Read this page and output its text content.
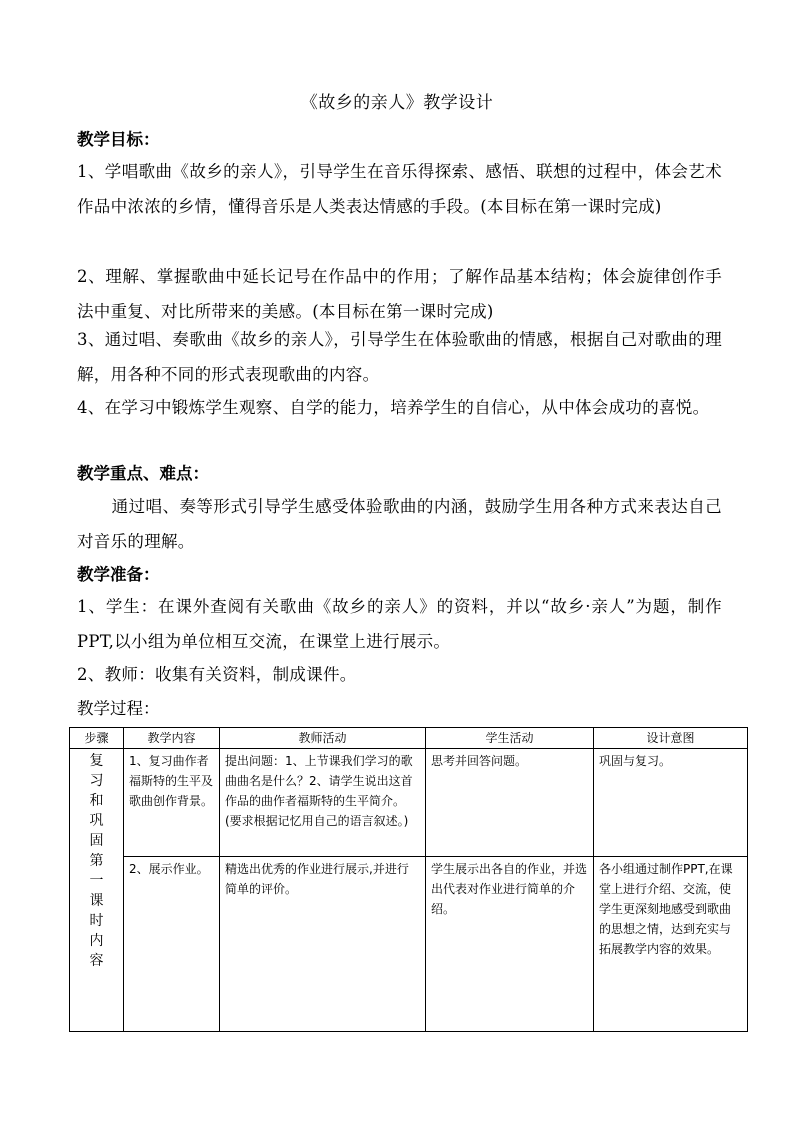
《故乡的亲人》教学设计
教学目标：
1、学唱歌曲《故乡的亲人》，引导学生在音乐得探索、感悟、联想的过程中，体会艺术作品中浓浓的乡情，懂得音乐是人类表达情感的手段。(本目标在第一课时完成)
2、理解、掌握歌曲中延长记号在作品中的作用；了解作品基本结构；体会旋律创作手法中重复、对比所带来的美感。(本目标在第一课时完成)
3、通过唱、奏歌曲《故乡的亲人》，引导学生在体验歌曲的情感，根据自己对歌曲的理解，用各种不同的形式表现歌曲的内容。
4、在学习中锻炼学生观察、自学的能力，培养学生的自信心，从中体会成功的喜悦。
教学重点、难点：
通过唱、奏等形式引导学生感受体验歌曲的内涵，鼓励学生用各种方式来表达自己对音乐的理解。
教学准备：
1、学生：在课外查阅有关歌曲《故乡的亲人》的资料，并以“故乡·亲人”为题，制作PPT,以小组为单位相互交流，在课堂上进行展示。
2、教师：收集有关资料，制成课件。
教学过程：
步骤	教学内容	教师活动	学生活动	设计意图
复习和巩固第一课时内容	1、复习曲作者福斯特的生平及歌曲创作背景。	提出问题：1、上节课我们学习的歌曲曲名是什么？2、请学生说出这首作品的曲作者福斯特的生平简介。(要求根据记忆用自己的语言叙述。)	思考并回答问题。	巩固与复习。
	2、展示作业。	精选出优秀的作业进行展示,并进行简单的评价。	学生展示出各自的作业，并选出代表对作业进行简单的介绍。	各小组通过制作PPT,在课堂上进行介绍、交流，使学生更深刻地感受到歌曲的思想之情，达到充实与拓展教学内容的效果。
